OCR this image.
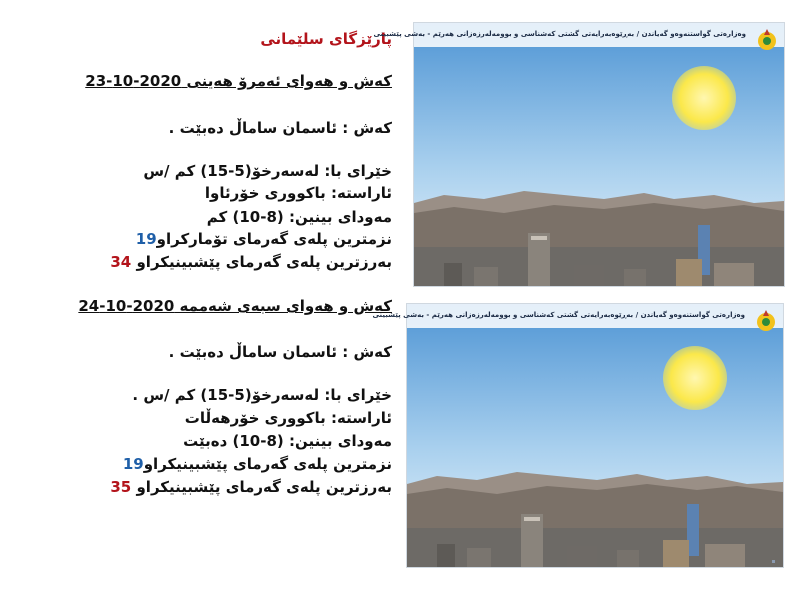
پارێزگای سلێمانی
کەش و هەوای ئەمرۆ هەینی 2020-10-23
کەش : ئاسمان ساماڵ دەبێت .
خێرای با: لەسەرخۆ(5-15) کم /س
ئاراستە: باکووری خۆرئاوا
مەودای بینین: (8-10) کم
نزمترین پلەی گەرمای تۆمارکراو19
بەرزترین پلەی گەرمای پێشبینیکراو 34
کەش و هەوای سبەی شەممە 2020-10-24
کەش : ئاسمان ساماڵ دەبێت .
خێرای با: لەسەرخۆ(5-15) کم /س .
ئاراستە: باکووری خۆرهەڵات
مەودای بینین: (8-10) دەبێت
نزمترین پلەی گەرمای پێشبینیکراو19
بەرزترین پلەی گەرمای پێشبینیکراو 35
وەزارەتی گواستنەوەو گەیاندن / بەڕێوەبەرایەتی گشتی کەشناسی و بوومەلەرزەزانی هەرێم - بەشی پێشبینی
وەزارەتی گواستنەوەو گەیاندن / بەڕێوەبەرایەتی گشتی کەشناسی و بوومەلەرزەزانی هەرێم - بەشی پێشبینی
